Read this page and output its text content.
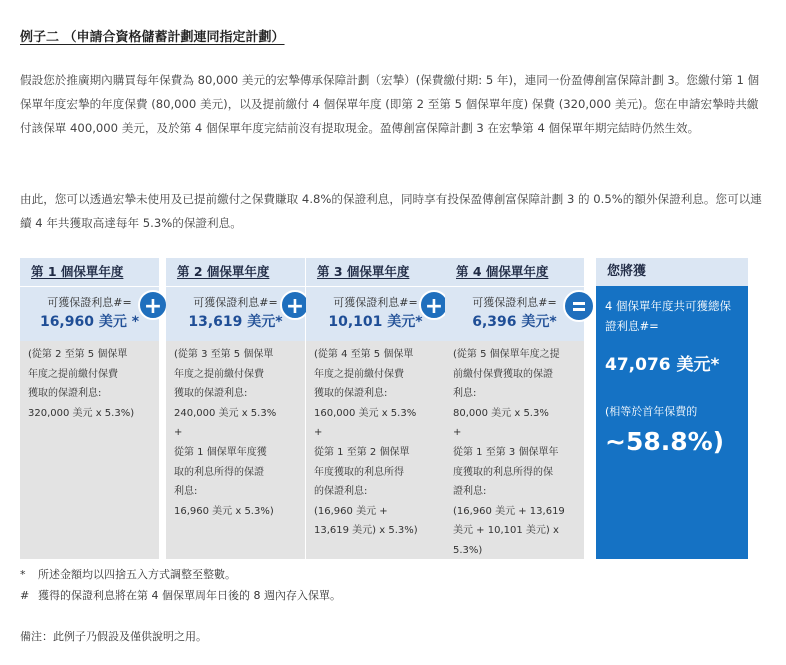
例子二 （申請合資格儲蓄計劃連同指定計劃）
假設您於推廣期內購買每年保費為 80,000 美元的宏摯傳承保障計劃（宏摯）(保費繳付期: 5 年)，連同一份盈傳創富保障計劃 3。您繳付第 1 個保單年度宏摯的年度保費 (80,000 美元)，以及提前繳付 4 個保單年度 (即第 2 至第 5 個保單年度) 保費 (320,000 美元)。您在申請宏摯時共繳付該保單 400,000 美元，及於第 4 個保單年度完結前沒有提取現金。盈傳創富保障計劃 3 在宏摯第 4 個保單年期完結時仍然生效。
由此，您可以透過宏摯未使用及已提前繳付之保費賺取 4.8%的保證利息，同時享有投保盈傳創富保障計劃 3 的 0.5%的額外保證利息。您可以連續 4 年共獲取高達每年 5.3%的保證利息。
第 1 個保單年度
可獲保證利息#=
16,960 美元 *
(從第 2 至第 5 個保單
年度之提前繳付保費
獲取的保證利息:
320,000 美元 x 5.3%)
+
第 2 個保單年度
可獲保證利息#=
13,619 美元*
(從第 3 至第 5 個保單
年度之提前繳付保費
獲取的保證利息:
240,000 美元 x 5.3%
+
從第 1 個保單年度獲
取的利息所得的保證
利息:
16,960 美元 x 5.3%)
+
第 3 個保單年度
可獲保證利息#=
10,101 美元*
(從第 4 至第 5 個保單
年度之提前繳付保費
獲取的保證利息:
160,000 美元 x 5.3%
+
從第 1 至第 2 個保單
年度獲取的利息所得
的保證利息:
(16,960 美元 +
13,619 美元) x 5.3%)
+
第 4 個保單年度
可獲保證利息#=
6,396 美元*
(從第 5 個保單年度之提
前繳付保費獲取的保證
利息:
80,000 美元 x 5.3%
+
從第 1 至第 3 個保單年
度獲取的利息所得的保
證利息:
(16,960 美元 + 13,619
美元 + 10,101 美元) x
5.3%)
您將獲
4 個保單年度共可獲總保
證利息#=
47,076 美元*
(相等於首年保費的
~58.8%)
* 所述金額均以四捨五入方式調整至整數。
# 獲得的保證利息將在第 4 個保單周年日後的 8 週內存入保單。
備注：此例子乃假設及僅供說明之用。
